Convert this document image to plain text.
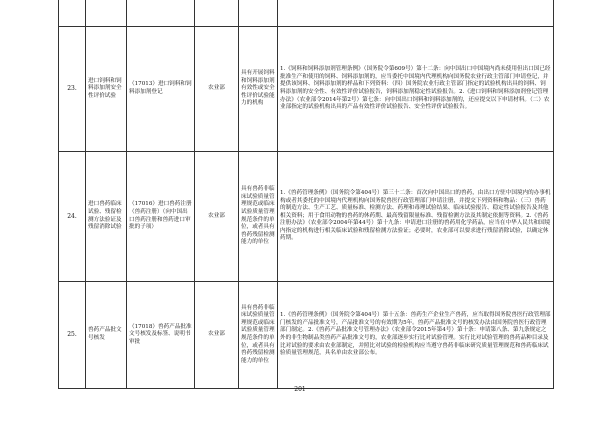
23.	进口饲料和饲料添加剂安全性评价试验	（17013）进口饲料和饲料添加剂登记	农业部	具有开展饲料和饲料添加剂有效性或安全性评价试验能力的机构	1.《饲料和饲料添加剂管理条例》（国务院令第609号）第十二条：向中国出口中国境内尚未使用但出口国已经批准生产和使用的饲料、饲料添加剂的，应当委托中国境内代理机构向国务院农业行政主管部门申请登记，并提供该饲料、饲料添加剂的样品和下列资料：（四）国务院农业行政主管部门指定的试验机构出具的饲料、饲料添加剂的安全性、有效性评价试验报告，饲料添加剂稳定性试验报告。2.《进口饲料和饲料添加剂登记管理办法》（农业部令2014年第2号）第七条：向中国出口饲料和饲料添加剂的，还应提交以下申请材料。（二）农业部指定的试验机构出具的产品有效性评价试验报告、安全性评价试验报告。
24.	进口兽药临床试验、残留检测方法验证及残留消除试验	（17016）进口兽药注册（兽药注册）（向中国出口兽药注册和兽药进口审批的子项）	农业部	具有兽药非临床试验质量管理规范或临床试验质量管理规范条件的单位，或者具有兽药残留检测能力的单位	1.《兽药管理条例》（国务院令第404号）第三十二条：首次向中国出口的兽药，由出口方驻中国境内的办事机构或者其委托的中国境内代理机构向国务院兽医行政管理部门申请注册，并提交下列资料和物品：（三）兽药的制造方法、生产工艺、质量标准、检测方法、药理和毒理试验结果、临床试验报告、稳定性试验报告及其他相关资料；用于食用动物的兽药的休药期、最高残留限量标准、残留检测方法及其制定依据等资料。2.《兽药注册办法》（农业部令2004年第44号）第十九条：申请进口注册的兽药用化学药品，应当在中华人民共和国境内指定的机构进行相关临床试验和残留检测方法验证；必要时，农业部可以要求进行残留消除试验，以确定休药期。
25.	兽药产品批文号核发	（17018）兽药产品批准文号核发及标签、说明书审批	农业部	具有兽药非临床试验质量管理规范或临床试验质量管理规范条件的单位，或者具有兽药残留检测能力的单位	1.《兽药管理条例》（国务院令第404号）第十五条：兽药生产企业生产兽药，应当取得国务院兽医行政管理部门核发的产品批准文号，产品批准文号的有效期为5年。兽药产品批准文号的核发办法由国务院兽医行政管理部门制定。2.《兽药产品批准文号管理办法》（农业部令2015年第4号）第十条：申请第八条、第九条规定之外的非生物制品类兽药产品批准文号的，农业部逐步实行比对试验管理。实行比对试验管理的兽药品种目录及比对试验的要求由农业部制定，并照比对试验的检验机构应当遵守兽药非临床研究质量管理规范和兽药临床试验质量管理规范，具名单由农业部公布。
201
